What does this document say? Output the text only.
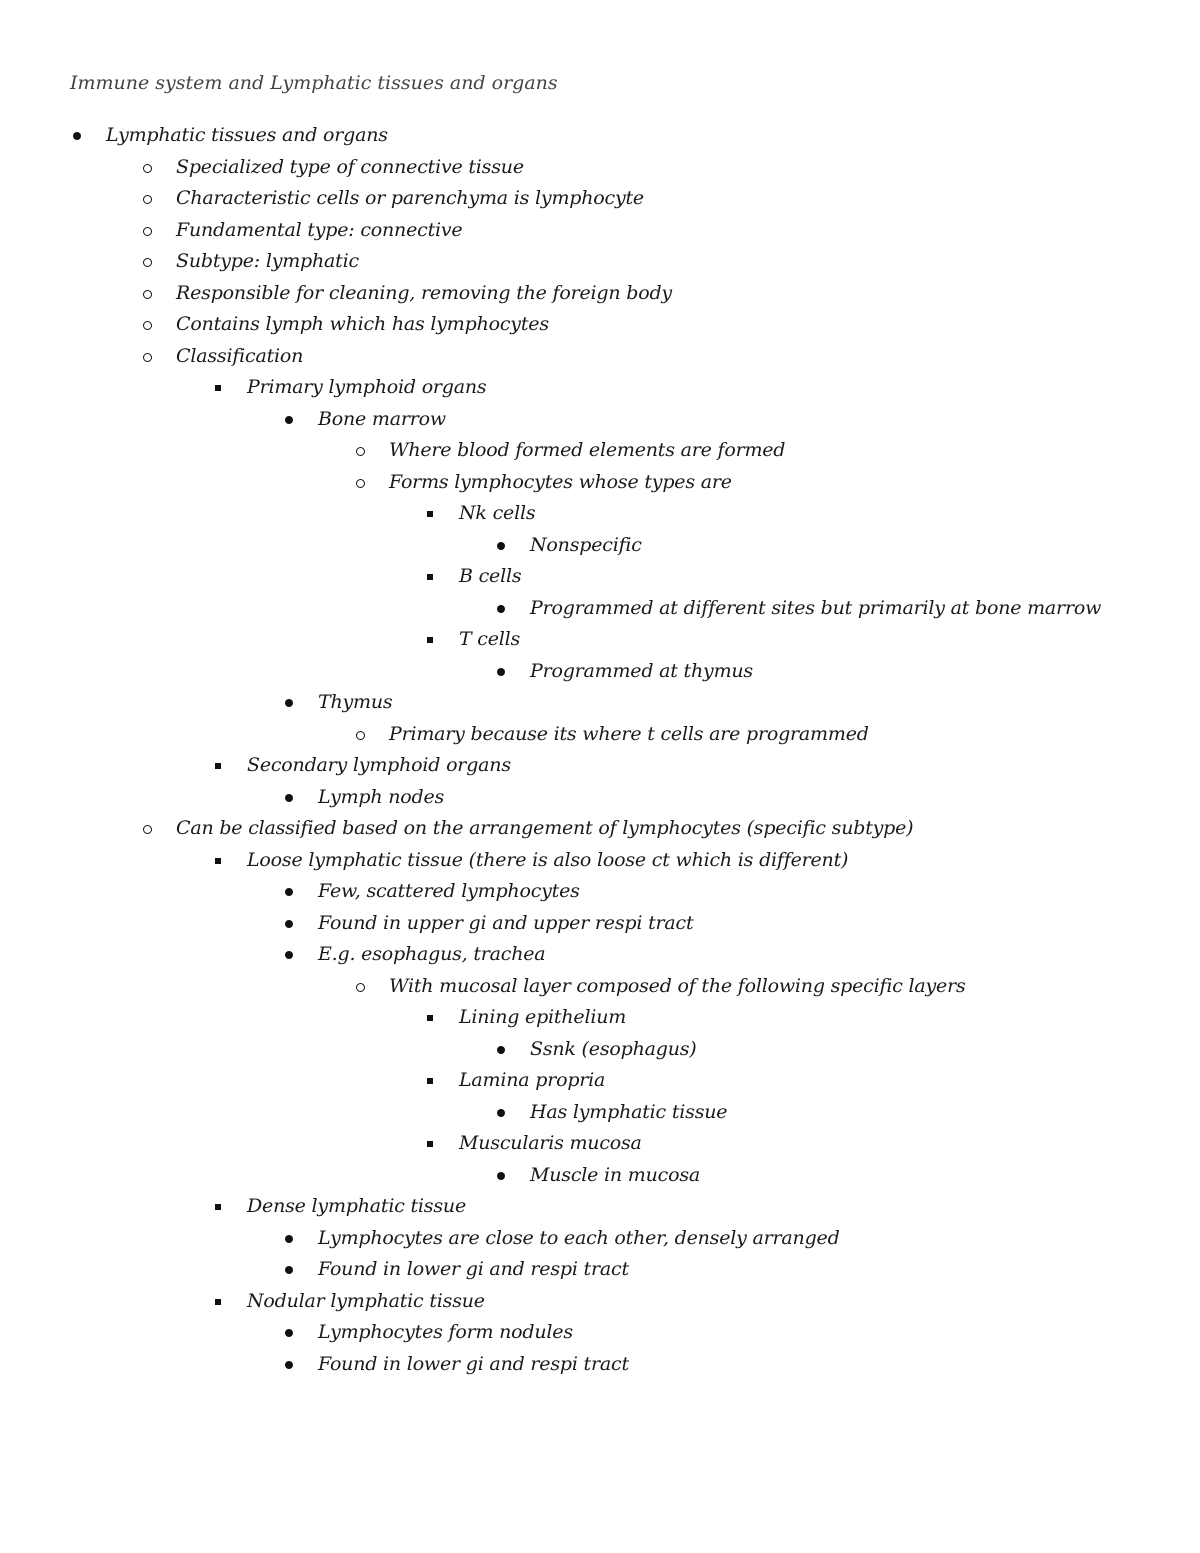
Immune system and Lymphatic tissues and organs
Lymphatic tissues and organs
Specialized type of connective tissue
Characteristic cells or parenchyma is lymphocyte
Fundamental type: connective
Subtype: lymphatic
Responsible for cleaning, removing the foreign body
Contains lymph which has lymphocytes
Classification
Primary lymphoid organs
Bone marrow
Where blood formed elements are formed
Forms lymphocytes whose types are
Nk cells
Nonspecific
B cells
Programmed at different sites but primarily at bone marrow
T cells
Programmed at thymus
Thymus
Primary because its where t cells are programmed
Secondary lymphoid organs
Lymph nodes
Can be classified based on the arrangement of lymphocytes (specific subtype)
Loose lymphatic tissue (there is also loose ct which is different)
Few, scattered lymphocytes
Found in upper gi and upper respi tract
E.g. esophagus, trachea
With mucosal layer composed of the following specific layers
Lining epithelium
Ssnk (esophagus)
Lamina propria
Has lymphatic tissue
Muscularis mucosa
Muscle in mucosa
Dense lymphatic tissue
Lymphocytes are close to each other, densely arranged
Found in lower gi and respi tract
Nodular lymphatic tissue
Lymphocytes form nodules
Found in lower gi and respi tract
